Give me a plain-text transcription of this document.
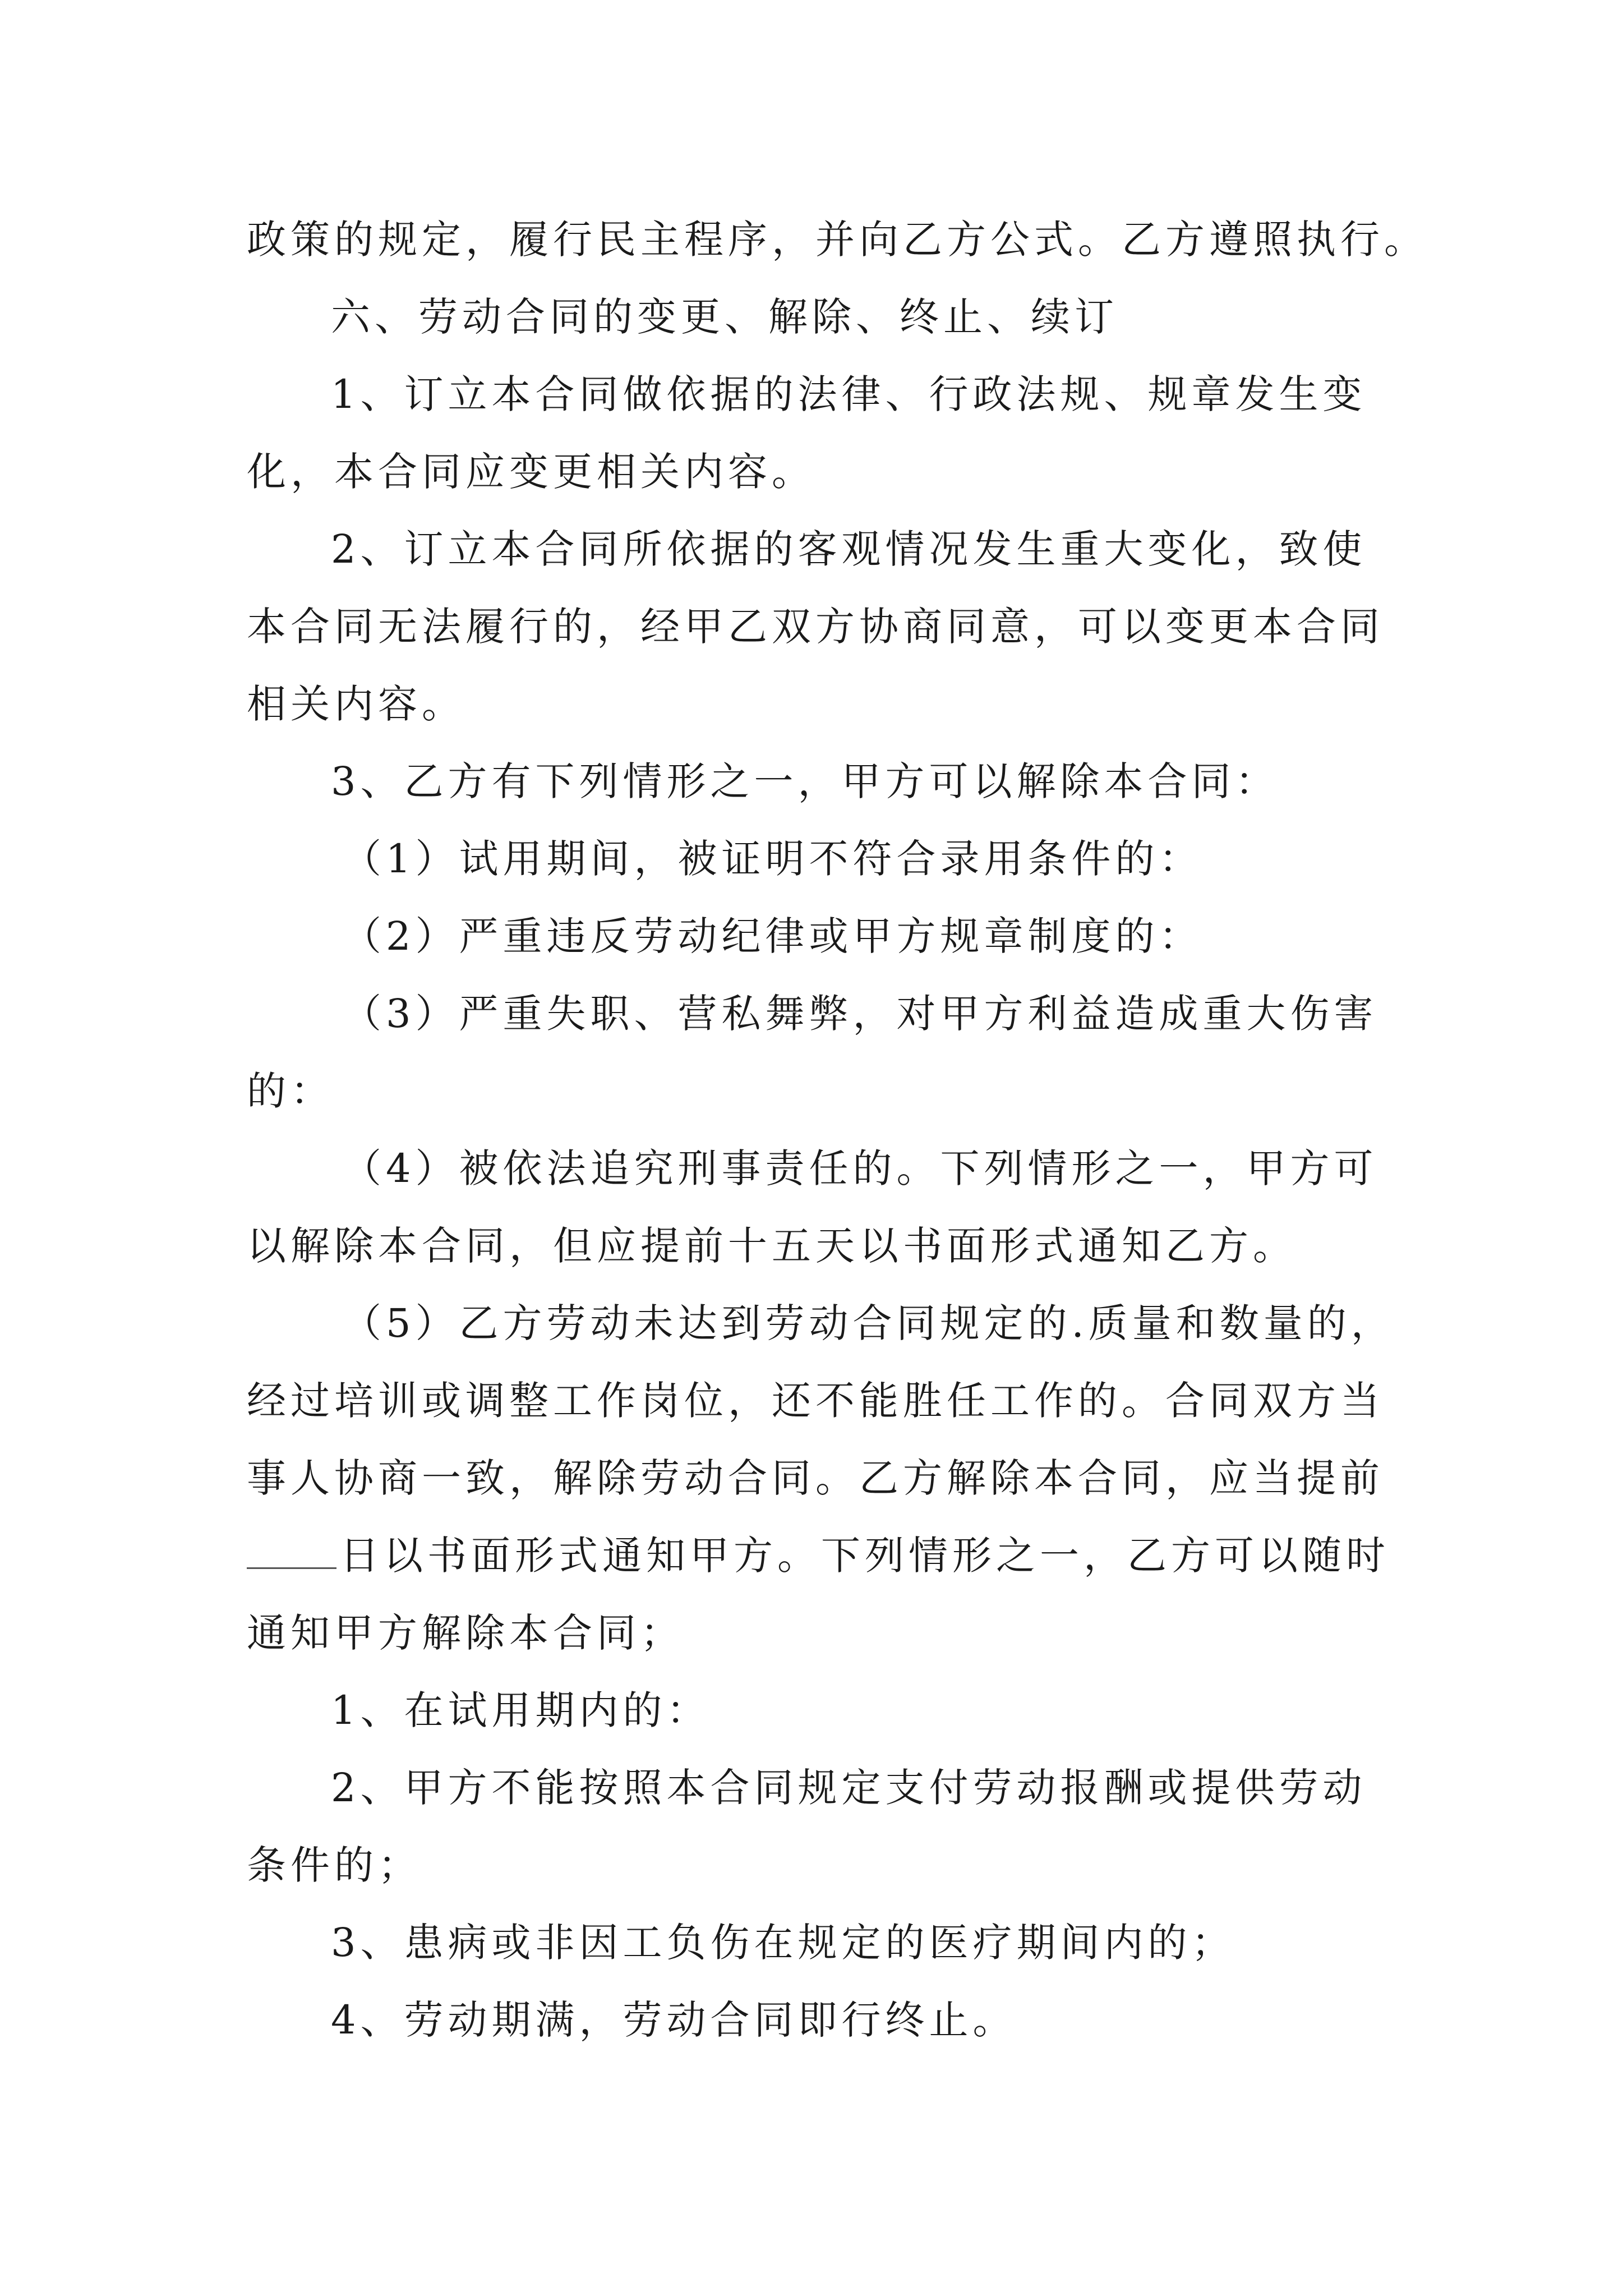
政策的规定，履行民主程序，并向乙方公式。乙方遵照执行。
六、劳动合同的变更、解除、终止、续订
1、订立本合同做依据的法律、行政法规、规章发生变
化，本合同应变更相关内容。
2、订立本合同所依据的客观情况发生重大变化，致使
本合同无法履行的，经甲乙双方协商同意，可以变更本合同
相关内容。
3、乙方有下列情形之一，甲方可以解除本合同：
（1）试用期间，被证明不符合录用条件的：
（2）严重违反劳动纪律或甲方规章制度的：
（3）严重失职、营私舞弊，对甲方利益造成重大伤害
的：
（4）被依法追究刑事责任的。下列情形之一，甲方可
以解除本合同，但应提前十五天以书面形式通知乙方。
（5）乙方劳动未达到劳动合同规定的.质量和数量的，
经过培训或调整工作岗位，还不能胜任工作的。合同双方当
事人协商一致，解除劳动合同。乙方解除本合同，应当提前
日以书面形式通知甲方。下列情形之一，乙方可以随时
通知甲方解除本合同；
1、在试用期内的：
2、甲方不能按照本合同规定支付劳动报酬或提供劳动
条件的；
3、患病或非因工负伤在规定的医疗期间内的；
4、劳动期满，劳动合同即行终止。
